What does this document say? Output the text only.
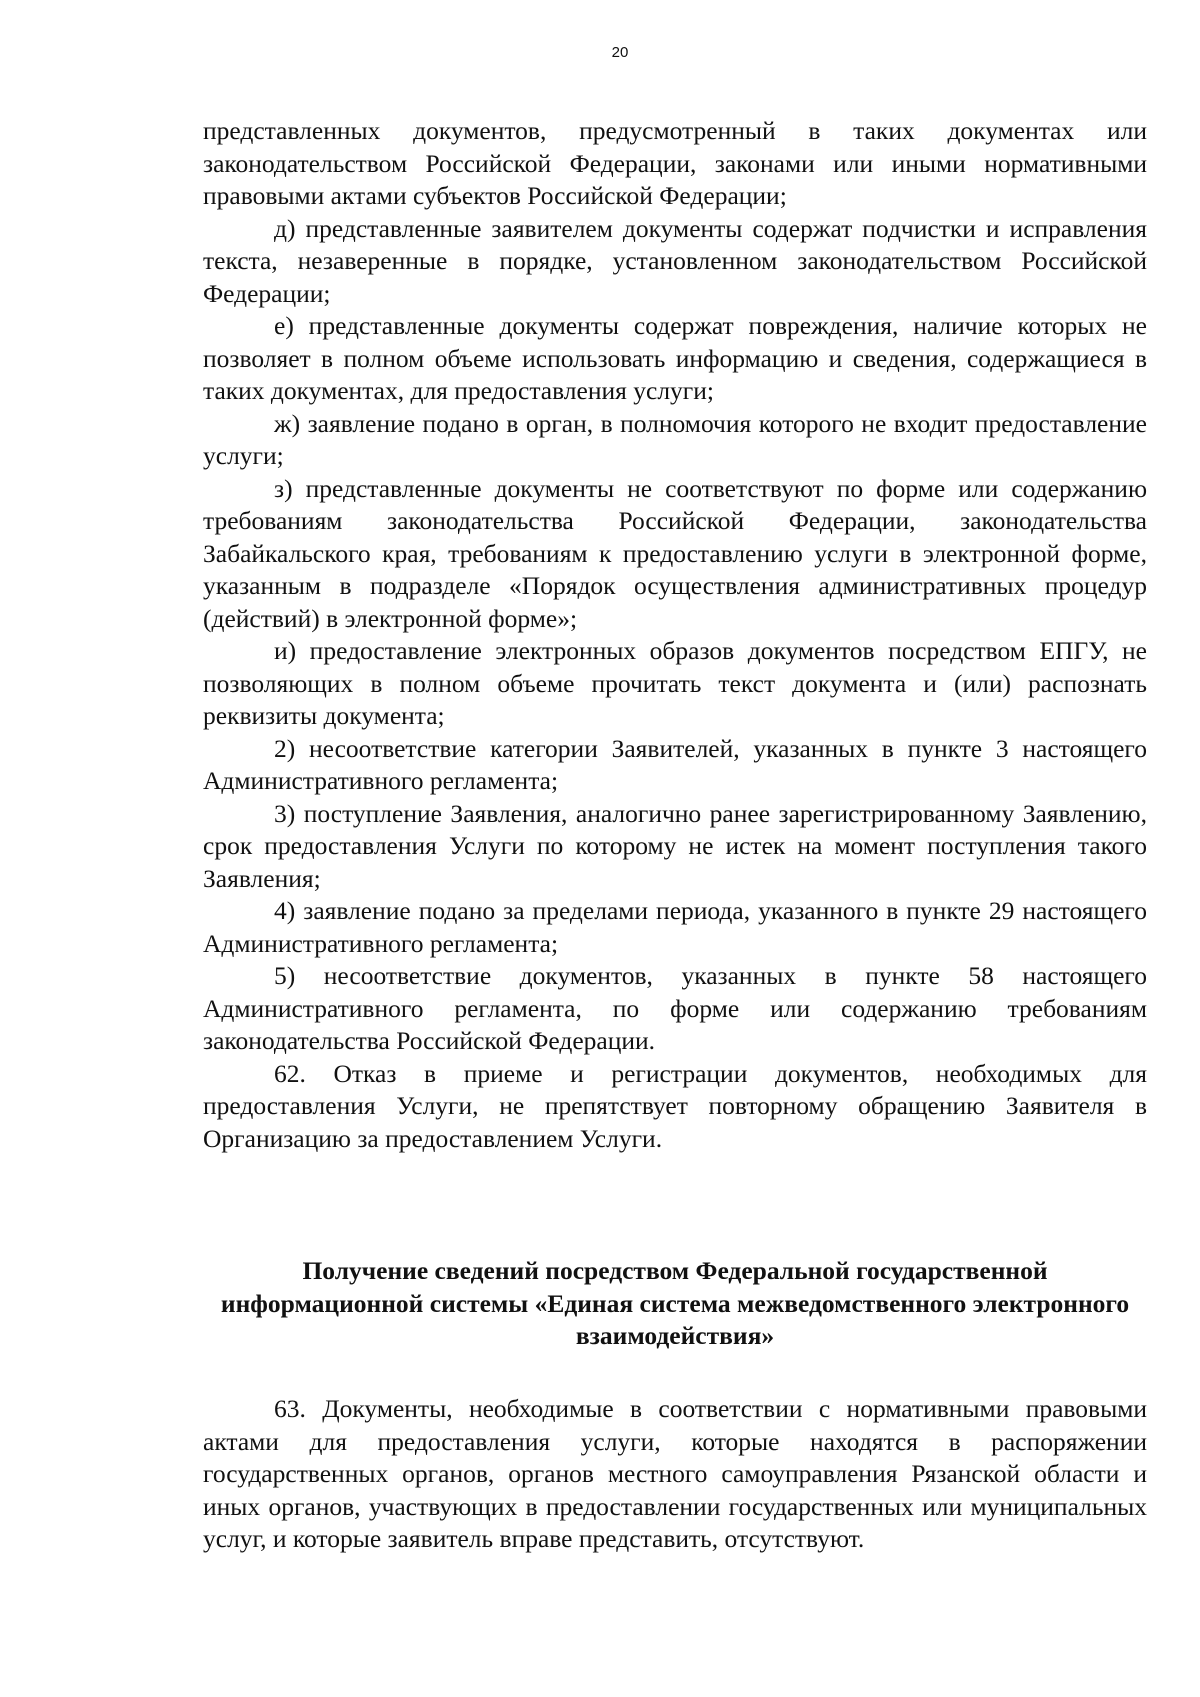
20

представленных документов, предусмотренный в таких документах или законодательством Российской Федерации, законами или иными нормативными правовыми актами субъектов Российской Федерации;

д) представленные заявителем документы содержат подчистки и исправления текста, незаверенные в порядке, установленном законодательством Российской Федерации;

е) представленные документы содержат повреждения, наличие которых не позволяет в полном объеме использовать информацию и сведения, содержащиеся в таких документах, для предоставления услуги;

ж) заявление подано в орган, в полномочия которого не входит предоставление услуги;

з) представленные документы не соответствуют по форме или содержанию требованиям законодательства Российской Федерации, законодательства Забайкальского края, требованиям к предоставлению услуги в электронной форме, указанным в подразделе «Порядок осуществления административных процедур (действий) в электронной форме»;

и) предоставление электронных образов документов посредством ЕПГУ, не позволяющих в полном объеме прочитать текст документа и (или) распознать реквизиты документа;

2) несоответствие категории Заявителей, указанных в пункте 3 настоящего Административного регламента;

3) поступление Заявления, аналогично ранее зарегистрированному Заявлению, срок предоставления Услуги по которому не истек на момент поступления такого Заявления;

4) заявление подано за пределами периода, указанного в пункте 29 настоящего Административного регламента;

5) несоответствие документов, указанных в пункте 58 настоящего Административного регламента, по форме или содержанию требованиям законодательства Российской Федерации.

62. Отказ в приеме и регистрации документов, необходимых для предоставления Услуги, не препятствует повторному обращению Заявителя в Организацию за предоставлением Услуги.

Получение сведений посредством Федеральной государственной информационной системы «Единая система межведомственного электронного взаимодействия»

63. Документы, необходимые в соответствии с нормативными правовыми актами для предоставления услуги, которые находятся в распоряжении государственных органов, органов местного самоуправления Рязанской области и иных органов, участвующих в предоставлении государственных или муниципальных услуг, и которые заявитель вправе представить, отсутствуют.
